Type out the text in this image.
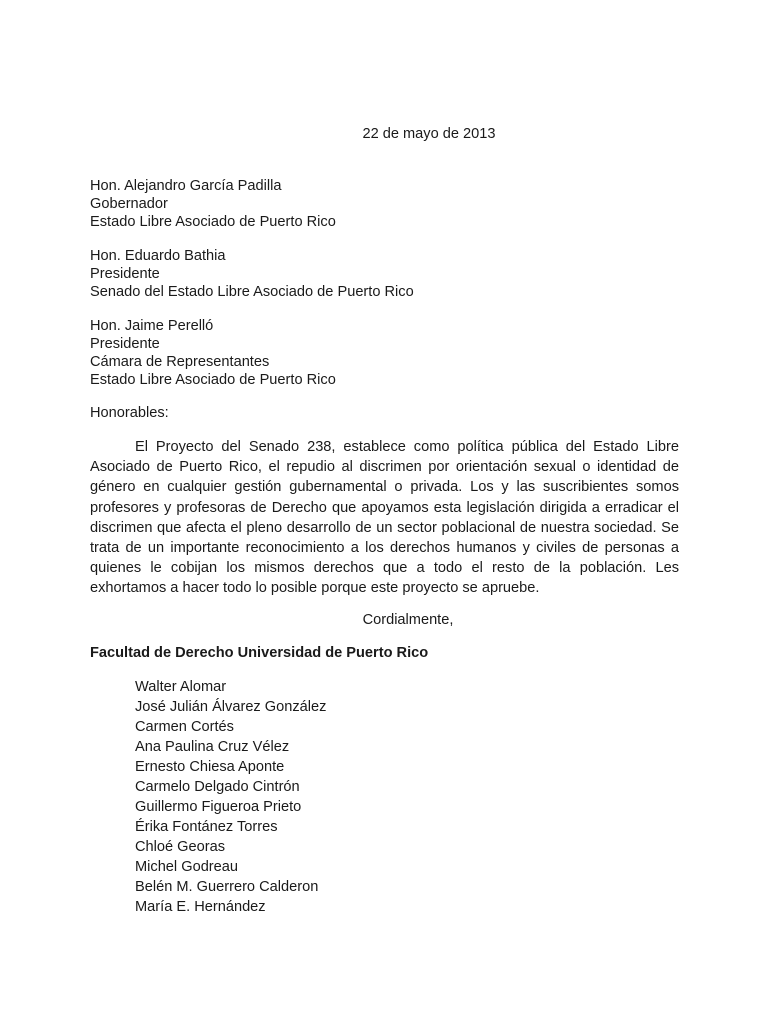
22 de mayo de 2013
Hon. Alejandro García Padilla
Gobernador
Estado Libre Asociado de Puerto Rico
Hon. Eduardo Bathia
Presidente
Senado del Estado Libre Asociado de Puerto Rico
Hon. Jaime Perelló
Presidente
Cámara de Representantes
Estado Libre Asociado de Puerto Rico
Honorables:

El Proyecto del Senado 238, establece como política pública del Estado Libre Asociado de Puerto Rico, el repudio al discrimen por orientación sexual o identidad de género en cualquier gestión gubernamental o privada. Los y las suscribientes somos profesores y profesoras de Derecho que apoyamos esta legislación dirigida a erradicar el discrimen que afecta el pleno desarrollo de un sector poblacional de nuestra sociedad. Se trata de un importante reconocimiento a los derechos humanos y civiles de personas a quienes le cobijan los mismos derechos que a todo el resto de la población. Les exhortamos a hacer todo lo posible porque este proyecto se apruebe.

Cordialmente,
Facultad de Derecho Universidad de Puerto Rico
Walter Alomar
José Julián Álvarez González
Carmen Cortés
Ana Paulina Cruz Vélez
Ernesto Chiesa Aponte
Carmelo Delgado Cintrón
Guillermo Figueroa Prieto
Érika Fontánez Torres
Chloé Georas
Michel Godreau
Belén M. Guerrero Calderon
María E. Hernández
